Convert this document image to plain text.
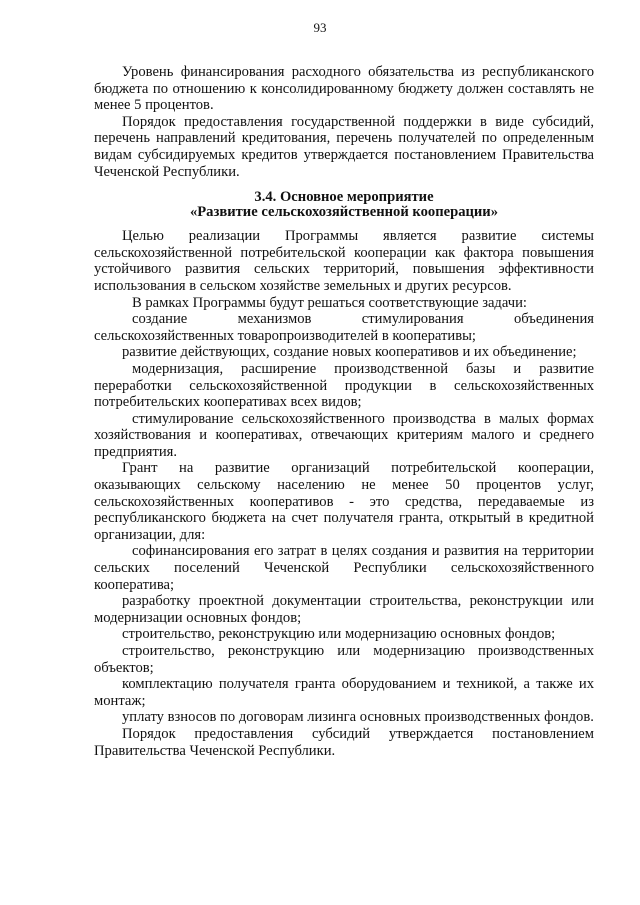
93

Уровень финансирования расходного обязательства из республиканского бюджета по отношению к консолидированному бюджету должен составлять не менее 5 процентов.

Порядок предоставления государственной поддержки в виде субсидий, перечень направлений кредитования, перечень получателей по определенным видам субсидируемых кредитов утверждается постановлением Правительства Чеченской Республики.

3.4. Основное мероприятие
«Развитие сельскохозяйственной кооперации»

Целью реализации Программы является развитие системы сельскохозяйственной потребительской кооперации как фактора повышения устойчивого развития сельских территорий, повышения эффективности использования в сельском хозяйстве земельных и других ресурсов.

В рамках Программы будут решаться соответствующие задачи:

создание механизмов стимулирования объединения сельскохозяйственных товаропроизводителей в кооперативы;

развитие действующих, создание новых кооперативов и их объединение;

модернизация, расширение производственной базы и развитие переработки сельскохозяйственной продукции в сельскохозяйственных потребительских кооперативах всех видов;

стимулирование сельскохозяйственного производства в малых формах хозяйствования и кооперативах, отвечающих критериям малого и среднего предприятия.

Грант на развитие организаций потребительской кооперации, оказывающих сельскому населению не менее 50 процентов услуг, сельскохозяйственных кооперативов - это средства, передаваемые из республиканского бюджета на счет получателя гранта, открытый в кредитной организации, для:

софинансирования его затрат в целях создания и развития на территории сельских поселений Чеченской Республики сельскохозяйственного кооператива;

разработку проектной документации строительства, реконструкции или модернизации основных фондов;

строительство, реконструкцию или модернизацию основных фондов;

строительство, реконструкцию или модернизацию производственных объектов;

комплектацию получателя гранта оборудованием и техникой, а также их монтаж;

уплату взносов по договорам лизинга основных производственных фондов.

Порядок предоставления субсидий утверждается постановлением Правительства Чеченской Республики.
